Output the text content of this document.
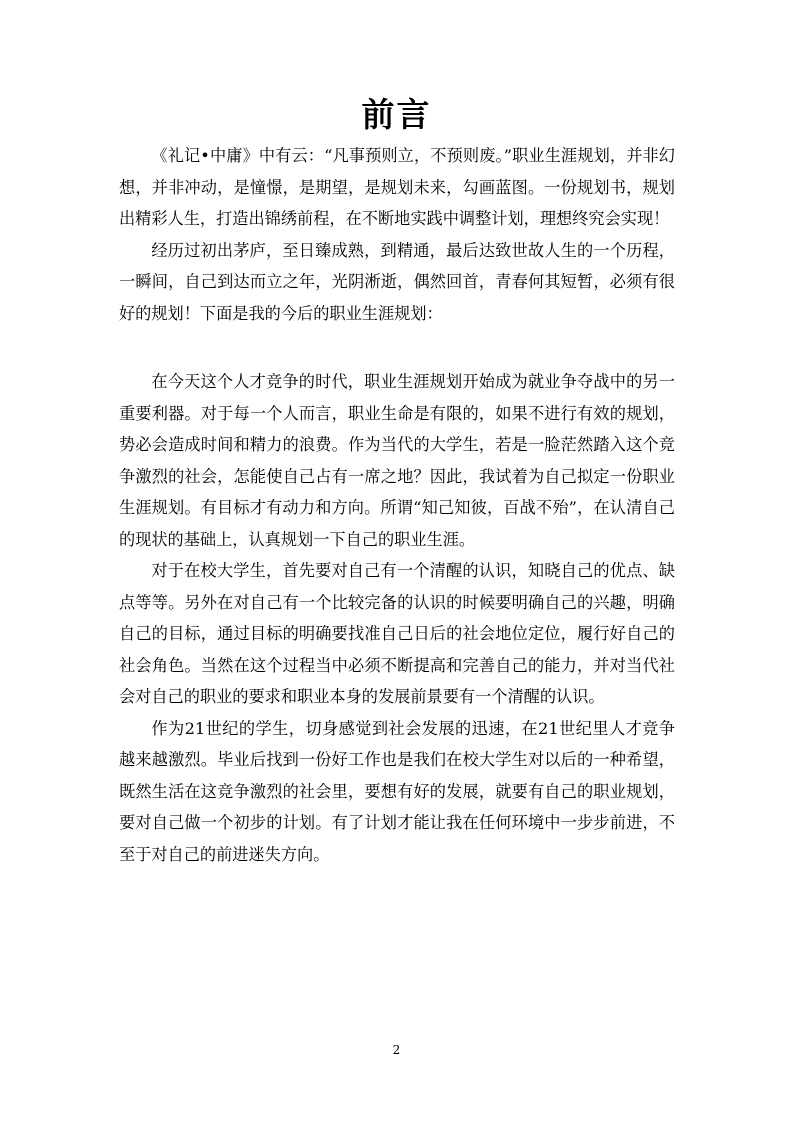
前言

《礼记•中庸》中有云：“凡事预则立，不预则废。”职业生涯规划，并非幻想，并非冲动，是憧憬，是期望，是规划未来，勾画蓝图。一份规划书，规划出精彩人生，打造出锦绣前程，在不断地实践中调整计划，理想终究会实现！

经历过初出茅庐，至日臻成熟，到精通，最后达致世故人生的一个历程，一瞬间，自己到达而立之年，光阴淅逝，偶然回首，青春何其短暂，必须有很好的规划！下面是我的今后的职业生涯规划：

在今天这个人才竞争的时代，职业生涯规划开始成为就业争夺战中的另一重要利器。对于每一个人而言，职业生命是有限的，如果不进行有效的规划，势必会造成时间和精力的浪费。作为当代的大学生，若是一脸茫然踏入这个竞争激烈的社会，怎能使自己占有一席之地？因此，我试着为自己拟定一份职业生涯规划。有目标才有动力和方向。所谓“知己知彼，百战不殆”，在认清自己的现状的基础上，认真规划一下自己的职业生涯。

对于在校大学生，首先要对自己有一个清醒的认识，知晓自己的优点、缺点等等。另外在对自己有一个比较完备的认识的时候要明确自己的兴趣，明确自己的目标，通过目标的明确要找准自己日后的社会地位定位，履行好自己的社会角色。当然在这个过程当中必须不断提高和完善自己的能力，并对当代社会对自己的职业的要求和职业本身的发展前景要有一个清醒的认识。

作为21世纪的学生，切身感觉到社会发展的迅速，在21世纪里人才竞争越来越激烈。毕业后找到一份好工作也是我们在校大学生对以后的一种希望，既然生活在这竞争激烈的社会里，要想有好的发展，就要有自己的职业规划，要对自己做一个初步的计划。有了计划才能让我在任何环境中一步步前进，不至于对自己的前进迷失方向。

2
